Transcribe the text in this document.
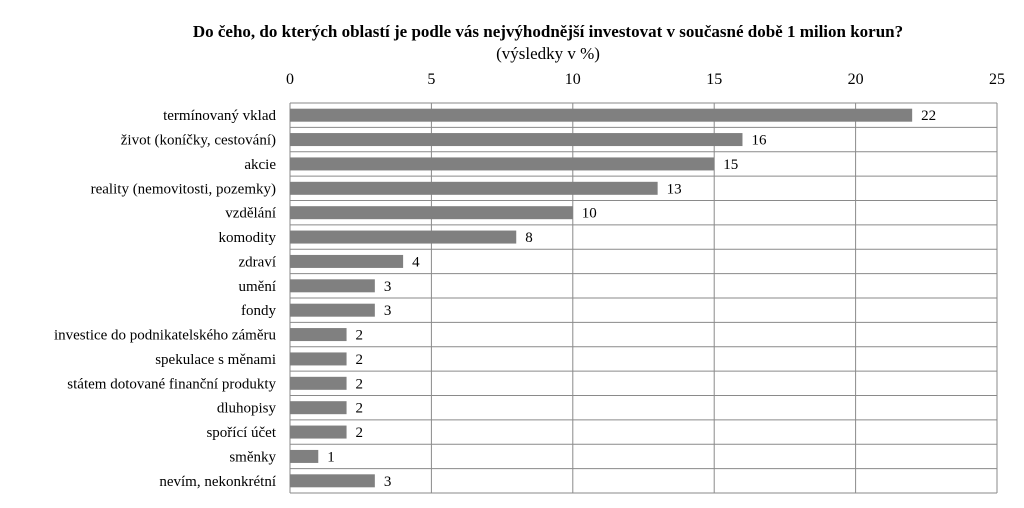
Do čeho, do kterých oblastí je podle vás nejvýhodnější investovat v současné době 1 milion korun?
(výsledky v %)
0	5	10	15	20	25
termínovaný vklad
život (koníčky, cestování)
akcie
reality (nemovitosti, pozemky)
vzdělání
komodity
zdraví
umění
fondy
investice do podnikatelského záměru
spekulace s měnami
státem dotované finanční produkty
dluhopisy
spořící účet
směnky
nevím, nekonkrétní
22
16
15
13
10
8
4
3
3
2
2
2
2
2
1
3
